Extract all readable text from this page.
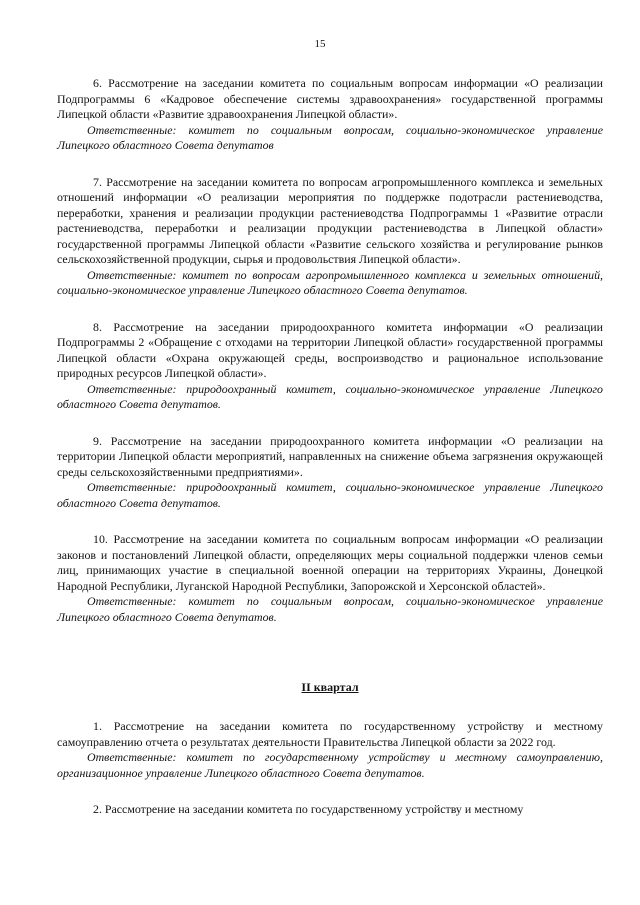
15

6. Рассмотрение на заседании комитета по социальным вопросам информации «О реализации Подпрограммы 6 «Кадровое обеспечение системы здравоохранения» государственной программы Липецкой области «Развитие здравоохранения Липецкой области».

Ответственные: комитет по социальным вопросам, социально-экономическое управление Липецкого областного Совета депутатов

7. Рассмотрение на заседании комитета по вопросам агропромышленного комплекса и земельных отношений информации «О реализации мероприятия по поддержке подотрасли растениеводства, переработки, хранения и реализации продукции растениеводства Подпрограммы 1 «Развитие отрасли растениеводства, переработки и реализации продукции растениеводства в Липецкой области» государственной программы Липецкой области «Развитие сельского хозяйства и регулирование рынков сельскохозяйственной продукции, сырья и продовольствия Липецкой области».

Ответственные: комитет по вопросам агропромышленного комплекса и земельных отношений, социально-экономическое управление Липецкого областного Совета депутатов.

8. Рассмотрение на заседании природоохранного комитета информации «О реализации Подпрограммы 2 «Обращение с отходами на территории Липецкой области» государственной программы Липецкой области «Охрана окружающей среды, воспроизводство и рациональное использование природных ресурсов Липецкой области».

Ответственные: природоохранный комитет, социально-экономическое управление Липецкого областного Совета депутатов.

9. Рассмотрение на заседании природоохранного комитета информации «О реализации на территории Липецкой области мероприятий, направленных на снижение объема загрязнения окружающей среды сельскохозяйственными предприятиями».

Ответственные: природоохранный комитет, социально-экономическое управление Липецкого областного Совета депутатов.

10. Рассмотрение на заседании комитета по социальным вопросам информации «О реализации законов и постановлений Липецкой области, определяющих меры социальной поддержки членов семьи лиц, принимающих участие в специальной военной операции на территориях Украины, Донецкой Народной Республики, Луганской Народной Республики, Запорожской и Херсонской областей».

Ответственные: комитет по социальным вопросам, социально-экономическое управление Липецкого областного Совета депутатов.

II квартал

1. Рассмотрение на заседании комитета по государственному устройству и местному самоуправлению отчета о результатах деятельности Правительства Липецкой области за 2022 год.

Ответственные: комитет по государственному устройству и местному самоуправлению, организационное управление Липецкого областного Совета депутатов.

2. Рассмотрение на заседании комитета по государственному устройству и местному
